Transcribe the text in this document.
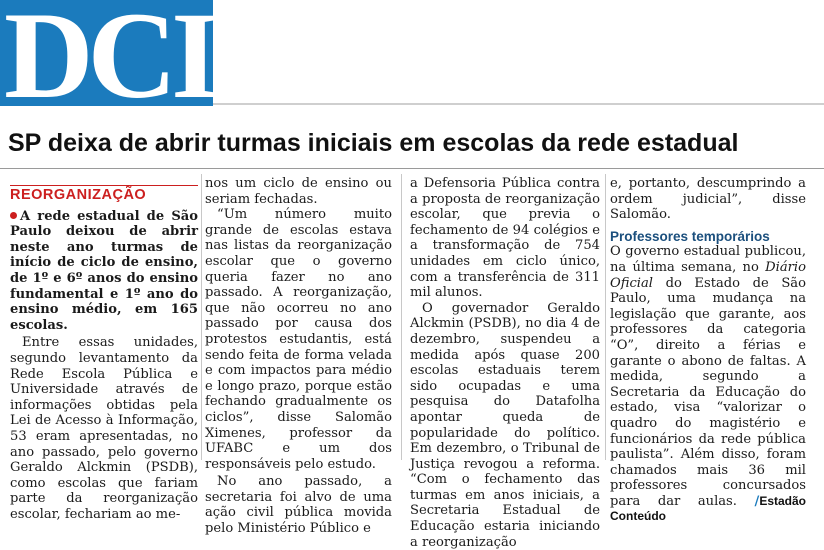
DCI
SP deixa de abrir turmas iniciais em escolas da rede estadual
REORGANIZAÇÃO

A rede estadual de São Paulo deixou de abrir neste ano turmas de início de ciclo de ensino, de 1º e 6º anos do ensino fundamental e 1º ano do ensino médio, em 165 escolas.

Entre essas unidades, segundo levantamento da Rede Escola Pública e Universidade através de informações obtidas pela Lei de Acesso à Informação, 53 eram apresentadas, no ano passado, pelo governo Geraldo Alckmin (PSDB), como escolas que fariam parte da reorganização escolar, fechariam ao me-

nos um ciclo de ensino ou seriam fechadas.

“Um número muito grande de escolas estava nas listas da reorganização escolar que o governo queria fazer no ano passado. A reorganização, que não ocorreu no ano passado por causa dos protestos estudantis, está sendo feita de forma velada e com impactos para médio e longo prazo, porque estão fechando gradualmente os ciclos”, disse Salomão Ximenes, professor da UFABC e um dos responsáveis pelo estudo.

No ano passado, a secretaria foi alvo de uma ação civil pública movida pelo Ministério Público e

a Defensoria Pública contra a proposta de reorganização escolar, que previa o fechamento de 94 colégios e a transformação de 754 unidades em ciclo único, com a transferência de 311 mil alunos.

O governador Geraldo Alckmin (PSDB), no dia 4 de dezembro, suspendeu a medida após quase 200 escolas estaduais terem sido ocupadas e uma pesquisa do Datafolha apontar queda de popularidade do político. Em dezembro, o Tribunal de Justiça revogou a reforma. “Com o fechamento das turmas em anos iniciais, a Secretaria Estadual de Educação estaria iniciando a reorganização

e, portanto, descumprindo a ordem judicial”, disse Salomão.

Professores temporários

O governo estadual publicou, na última semana, no Diário Oficial do Estado de São Paulo, uma mudança na legislação que garante, aos professores da categoria “O”, direito a férias e garante o abono de faltas. A medida, segundo a Secretaria da Educação do estado, visa “valorizar o quadro do magistério e funcionários da rede pública paulista”. Além disso, foram chamados mais 36 mil professores concursados para dar aulas. /Estadão Conteúdo
